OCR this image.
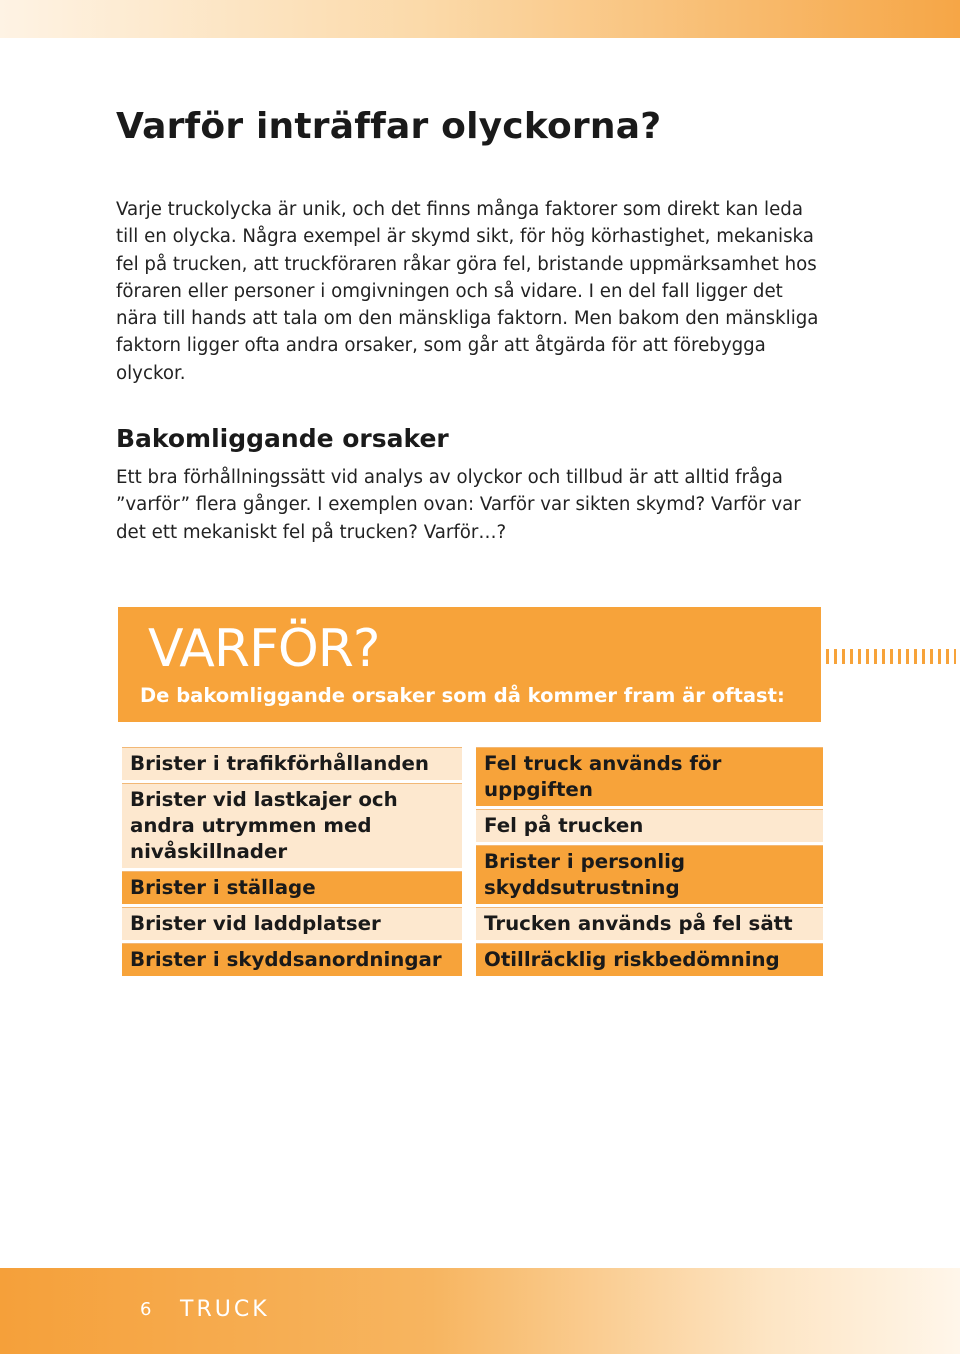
Varför inträffar olyckorna?

Varje truckolycka är unik, och det finns många faktorer som direkt kan leda till en olycka. Några exempel är skymd sikt, för hög körhastighet, mekaniska fel på trucken, att truckföraren råkar göra fel, bristande uppmärksamhet hos föraren eller personer i omgivningen och så vidare. I en del fall ligger det nära till hands att tala om den mänskliga faktorn. Men bakom den mänskliga faktorn ligger ofta andra orsaker, som går att åtgärda för att förebygga olyckor.

Bakomliggande orsaker

Ett bra förhållningssätt vid analys av olyckor och tillbud är att alltid fråga ”varför” flera gånger. I exemplen ovan: Varför var sikten skymd? Varför var det ett mekaniskt fel på trucken? Varför…?

VARFÖR?
De bakomliggande orsaker som då kommer fram är oftast:
Brister i trafikförhållanden
Brister vid lastkajer och andra utrymmen med nivåskillnader
Brister i ställage
Brister vid laddplatser
Brister i skyddsanordningar
Fel truck används för uppgiften
Fel på trucken
Brister i personlig skyddsutrustning
Trucken används på fel sätt
Otillräcklig riskbedömning
6 TRUCK
